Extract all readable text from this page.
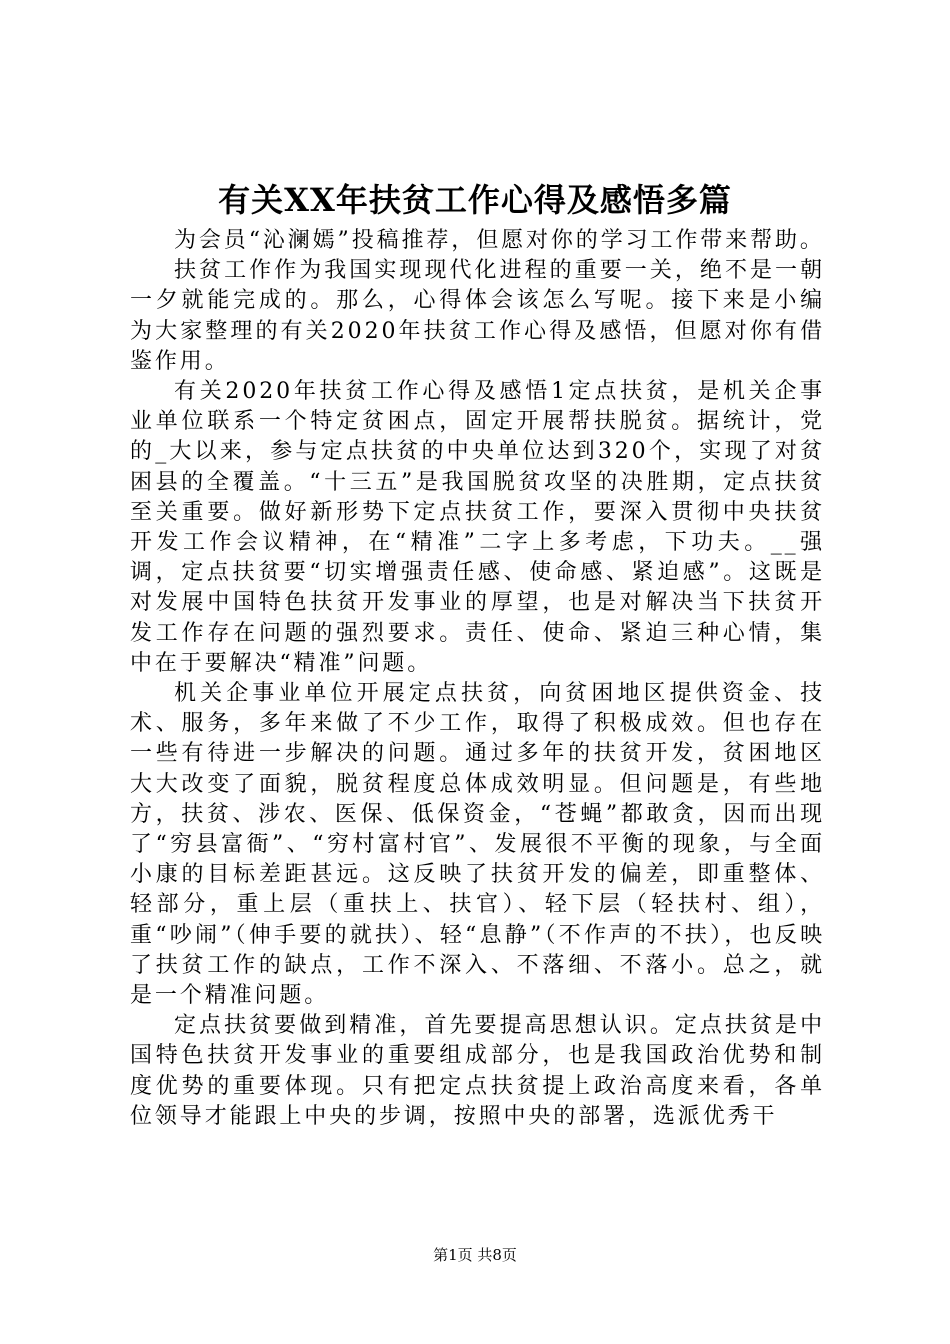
有关XX年扶贫工作心得及感悟多篇

为会员“沁澜嫣”投稿推荐，但愿对你的学习工作带来帮助。

扶贫工作作为我国实现现代化进程的重要一关，绝不是一朝一夕就能完成的。那么，心得体会该怎么写呢。接下来是小编为大家整理的有关2020年扶贫工作心得及感悟，但愿对你有借鉴作用。

有关2020年扶贫工作心得及感悟1定点扶贫，是机关企事业单位联系一个特定贫困点，固定开展帮扶脱贫。据统计，党的_大以来，参与定点扶贫的中央单位达到320个，实现了对贫困县的全覆盖。“十三五”是我国脱贫攻坚的决胜期，定点扶贫至关重要。做好新形势下定点扶贫工作，要深入贯彻中央扶贫开发工作会议精神，在“精准”二字上多考虑，下功夫。__强调，定点扶贫要“切实增强责任感、使命感、紧迫感”。这既是对发展中国特色扶贫开发事业的厚望，也是对解决当下扶贫开发工作存在问题的强烈要求。责任、使命、紧迫三种心情，集中在于要解决“精准”问题。

机关企事业单位开展定点扶贫，向贫困地区提供资金、技术、服务，多年来做了不少工作，取得了积极成效。但也存在一些有待进一步解决的问题。通过多年的扶贫开发，贫困地区大大改变了面貌，脱贫程度总体成效明显。但问题是，有些地方，扶贫、涉农、医保、低保资金，“苍蝇”都敢贪，因而出现了“穷县富衙”、“穷村富村官”、发展很不平衡的现象，与全面小康的目标差距甚远。这反映了扶贫开发的偏差，即重整体、轻部分，重上层（重扶上、扶官）、轻下层（轻扶村、组），重“吵闹”（伸手要的就扶）、轻“息静”（不作声的不扶），也反映了扶贫工作的缺点，工作不深入、不落细、不落小。总之，就是一个精准问题。

定点扶贫要做到精准，首先要提高思想认识。定点扶贫是中国特色扶贫开发事业的重要组成部分，也是我国政治优势和制度优势的重要体现。只有把定点扶贫提上政治高度来看，各单位领导才能跟上中央的步调，按照中央的部署，选派优秀干

第1页 共8页
